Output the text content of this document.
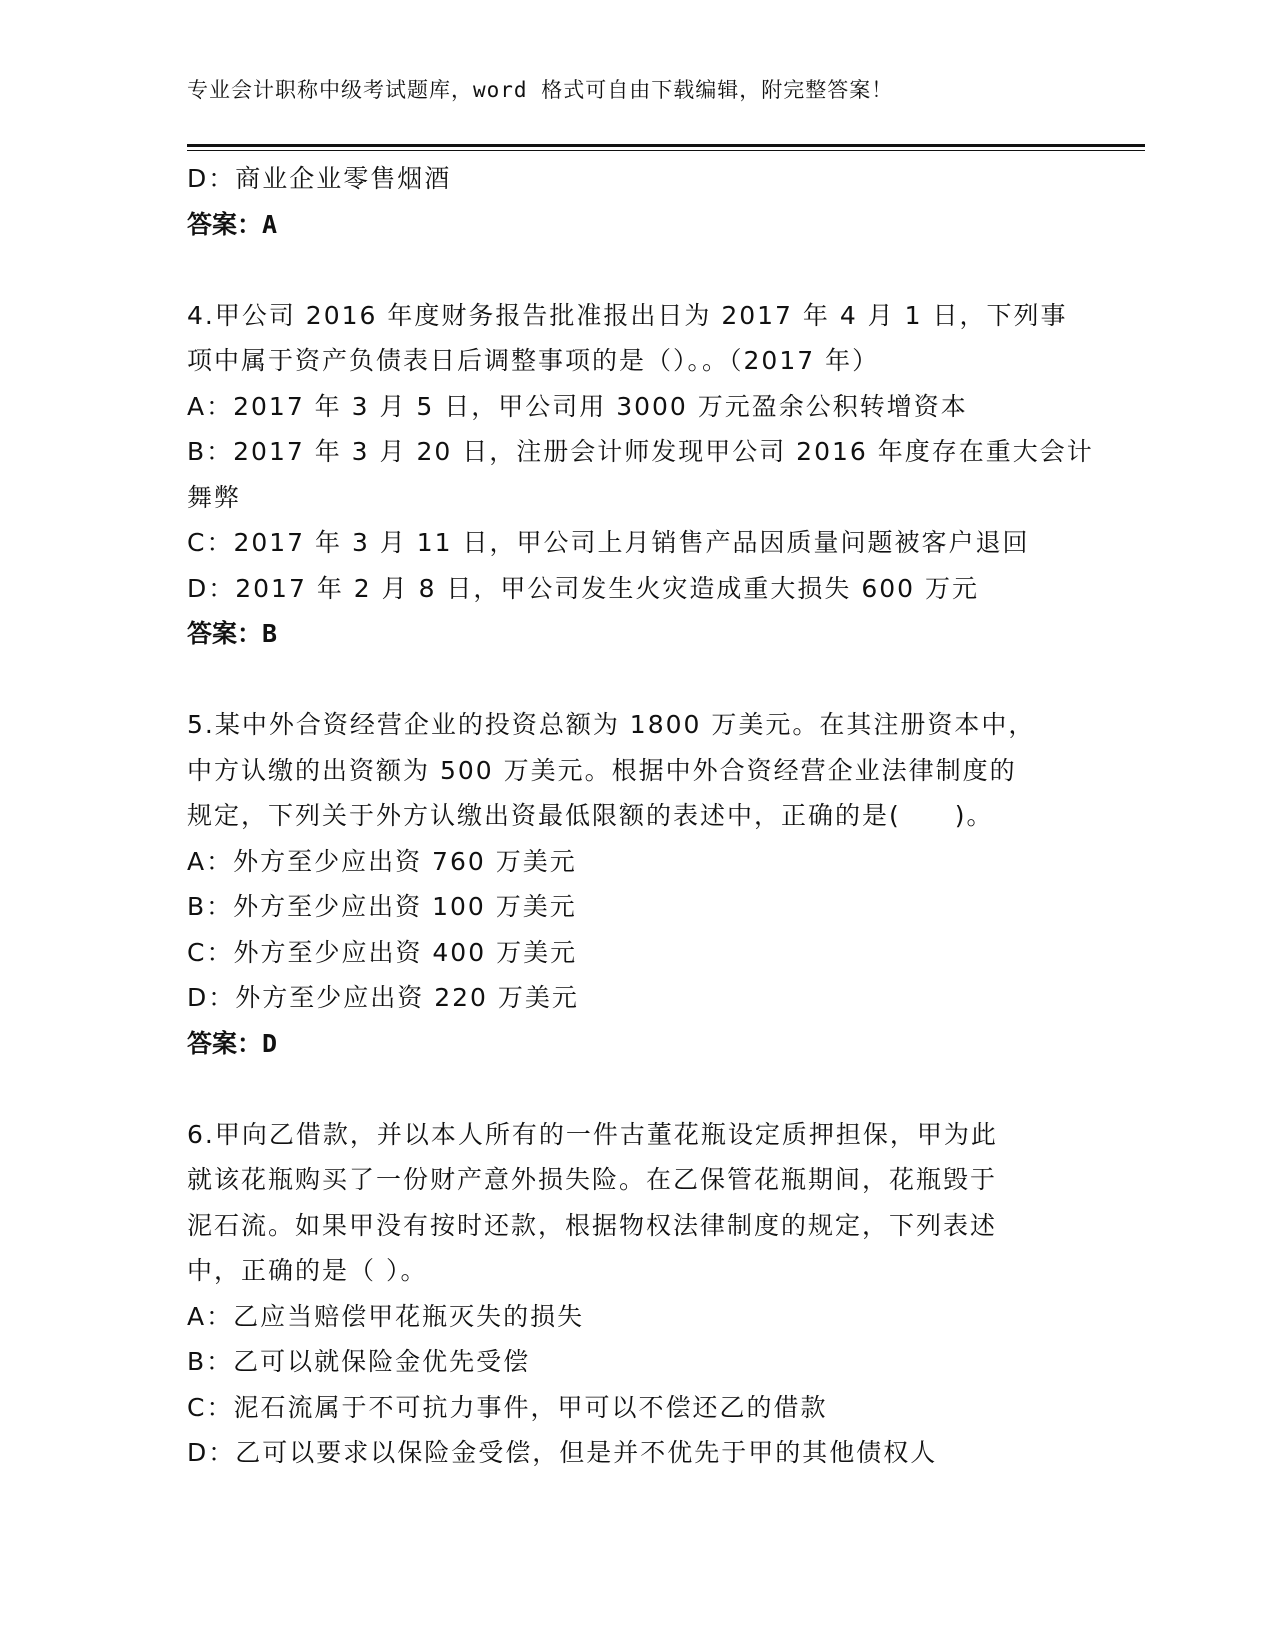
专业会计职称中级考试题库，word 格式可自由下载编辑，附完整答案！
D：商业企业零售烟酒
答案：A
4.甲公司 2016 年度财务报告批准报出日为 2017 年 4 月 1 日，下列事
项中属于资产负债表日后调整事项的是（）。。（2017 年）
A：2017 年 3 月 5 日，甲公司用 3000 万元盈余公积转增资本
B：2017 年 3 月 20 日，注册会计师发现甲公司 2016 年度存在重大会计
舞弊
C：2017 年 3 月 11 日，甲公司上月销售产品因质量问题被客户退回
D：2017 年 2 月 8 日，甲公司发生火灾造成重大损失 600 万元
答案：B
5.某中外合资经营企业的投资总额为 1800 万美元。在其注册资本中，
中方认缴的出资额为 500 万美元。根据中外合资经营企业法律制度的
规定，下列关于外方认缴出资最低限额的表述中，正确的是(　　)。
A：外方至少应出资 760 万美元
B：外方至少应出资 100 万美元
C：外方至少应出资 400 万美元
D：外方至少应出资 220 万美元
答案：D
6.甲向乙借款，并以本人所有的一件古董花瓶设定质押担保，甲为此
就该花瓶购买了一份财产意外损失险。在乙保管花瓶期间，花瓶毁于
泥石流。如果甲没有按时还款，根据物权法律制度的规定，下列表述
中，正确的是（ ）。
A：乙应当赔偿甲花瓶灭失的损失
B：乙可以就保险金优先受偿
C：泥石流属于不可抗力事件，甲可以不偿还乙的借款
D：乙可以要求以保险金受偿，但是并不优先于甲的其他债权人
